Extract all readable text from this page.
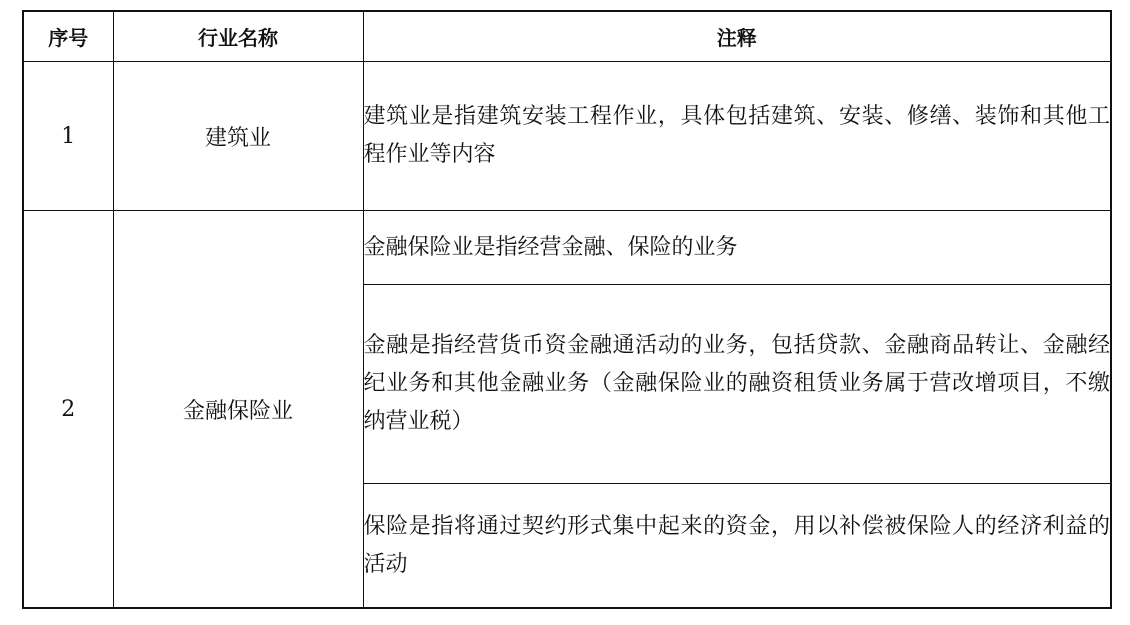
序号	行业名称	注释
1	建筑业	建筑业是指建筑安装工程作业，具体包括建筑、安装、修缮、装饰和其他工程作业等内容
2	金融保险业	金融保险业是指经营金融、保险的业务
		金融是指经营货币资金融通活动的业务，包括贷款、金融商品转让、金融经纪业务和其他金融业务（金融保险业的融资租赁业务属于营改增项目，不缴纳营业税）
		保险是指将通过契约形式集中起来的资金，用以补偿被保险人的经济利益的活动
